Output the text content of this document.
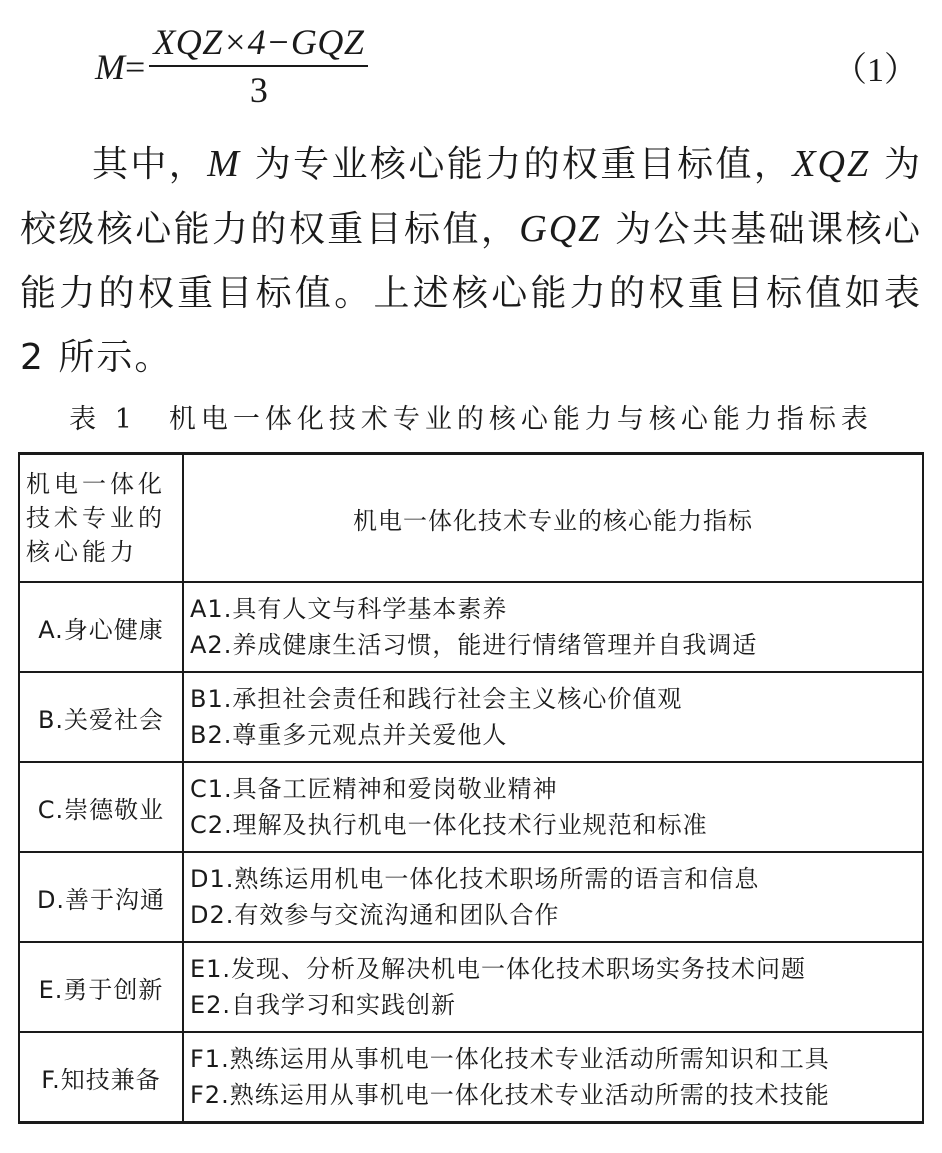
$M = \frac{\text{XQZ×4−GQZ}}{3}$	（1）

其中，M 为专业核心能力的权重目标值，XQZ 为校级核心能力的权重目标值，GQZ 为公共基础课核心能力的权重目标值。上述核心能力的权重目标值如表 2 所示。

表 1　机电一体化技术专业的核心能力与核心能力指标表
机电一体化技术专业的核心能力	机电一体化技术专业的核心能力指标
A.身心健康	A1.具有人文与科学基本素养
A2.养成健康生活习惯，能进行情绪管理并自我调适

B.关爱社会	B1.承担社会责任和践行社会主义核心价值观
B2.尊重多元观点并关爱他人

C.崇德敬业	C1.具备工匠精神和爱岗敬业精神
C2.理解及执行机电一体化技术行业规范和标准

D.善于沟通	D1.熟练运用机电一体化技术职场所需的语言和信息
D2.有效参与交流沟通和团队合作

E.勇于创新	E1.发现、分析及解决机电一体化技术职场实务技术问题
E2.自我学习和实践创新

F.知技兼备	F1.熟练运用从事机电一体化技术专业活动所需知识和工具
F2.熟练运用从事机电一体化技术专业活动所需的技术技能
